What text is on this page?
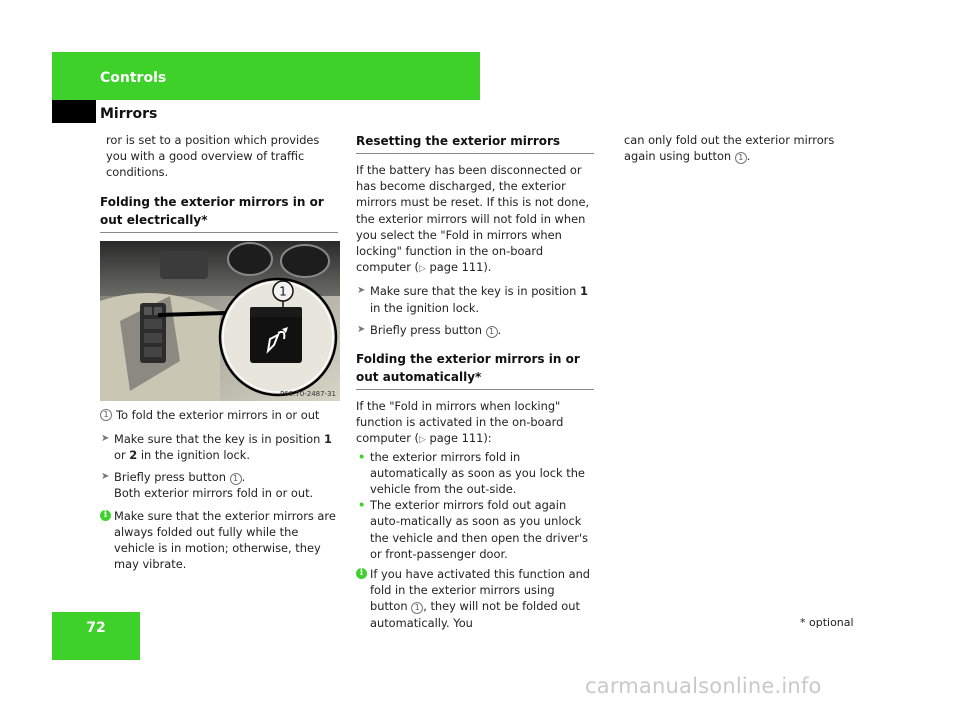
Controls
Mirrors

ror is set to a position which provides you with a good overview of traffic conditions.

Folding the exterior mirrors in or out electrically*
1
P68.70-2487-31
1 To fold the exterior mirrors in or out
➤ Make sure that the key is in position 1 or 2 in the ignition lock.
➤ Briefly press button 1 .
Both exterior mirrors fold in or out.
i Make sure that the exterior mirrors are always folded out fully while the vehicle is in motion; otherwise, they may vibrate.
Resetting the exterior mirrors

If the battery has been disconnected or has become discharged, the exterior mirrors must be reset. If this is not done, the exterior mirrors will not fold in when you select the "Fold in mirrors when locking" function in the on-board computer (▷ page 111).

➤ Make sure that the key is in position 1 in the ignition lock.
➤ Briefly press button 1 .
Folding the exterior mirrors in or out automatically*

If the "Fold in mirrors when locking" function is activated in the on-board computer (▷ page 111):

• the exterior mirrors fold in automatically as soon as you lock the vehicle from the out-side.
• The exterior mirrors fold out again auto-matically as soon as you unlock the vehicle and then open the driver's or front-passenger door.
i If you have activated this function and fold in the exterior mirrors using button 1 , they will not be folded out automatically. You

can only fold out the exterior mirrors again using button 1 .

72	* optional
carmanualsonline.info
